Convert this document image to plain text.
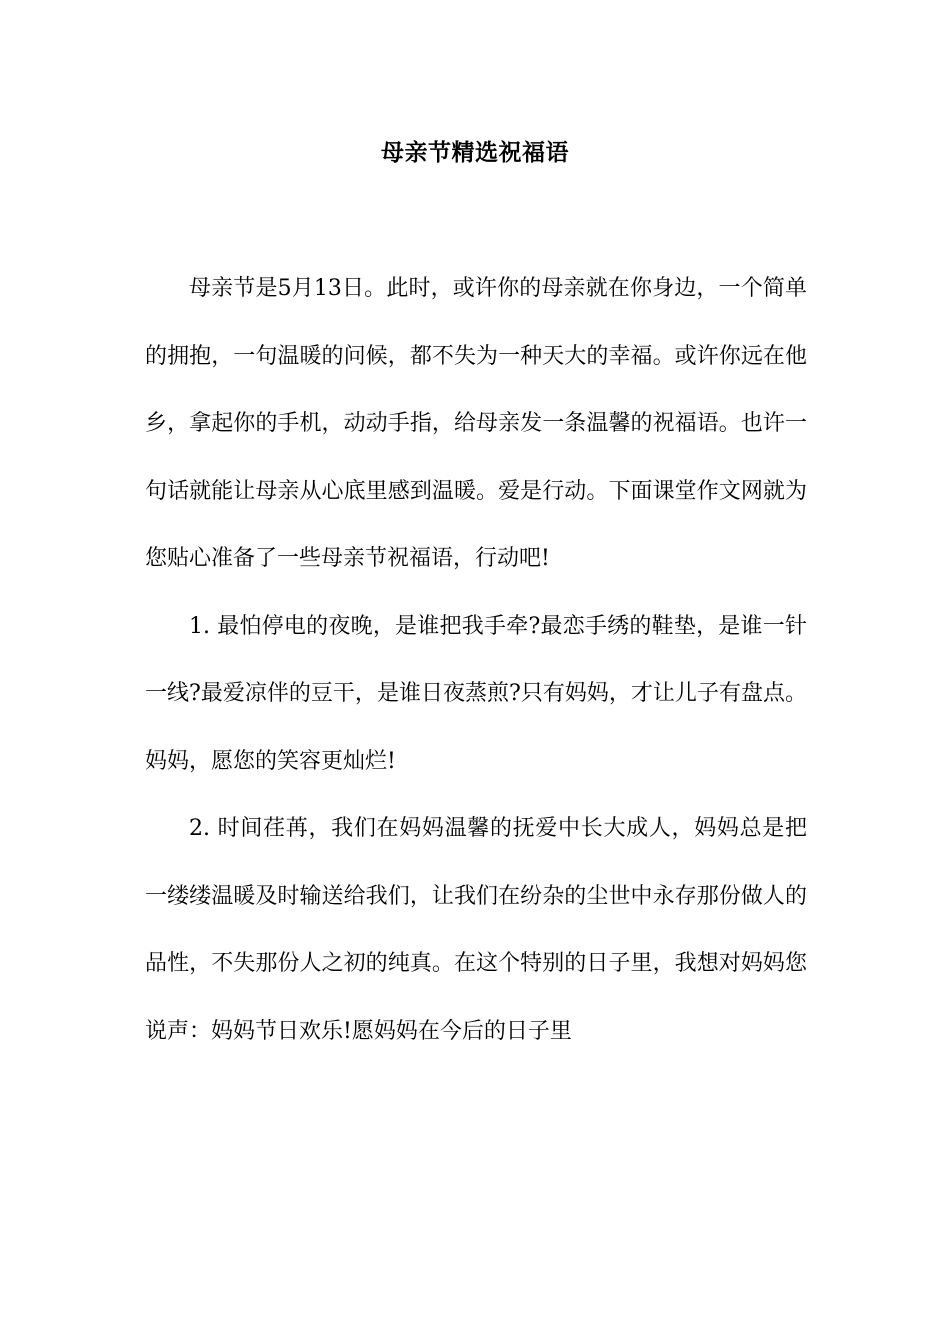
母亲节精选祝福语

母亲节是5月13日。此时，或许你的母亲就在你身边，一个简单的拥抱，一句温暖的问候，都不失为一种天大的幸福。或许你远在他乡，拿起你的手机，动动手指，给母亲发一条温馨的祝福语。也许一句话就能让母亲从心底里感到温暖。爱是行动。下面课堂作文网就为您贴心准备了一些母亲节祝福语，行动吧!

1. 最怕停电的夜晚，是谁把我手牵?最恋手绣的鞋垫，是谁一针一线?最爱凉伴的豆干，是谁日夜蒸煎?只有妈妈，才让儿子有盘点。妈妈，愿您的笑容更灿烂!

2. 时间荏苒，我们在妈妈温馨的抚爱中长大成人，妈妈总是把一缕缕温暖及时输送给我们，让我们在纷杂的尘世中永存那份做人的品性，不失那份人之初的纯真。在这个特别的日子里，我想对妈妈您说声：妈妈节日欢乐!愿妈妈在今后的日子里
